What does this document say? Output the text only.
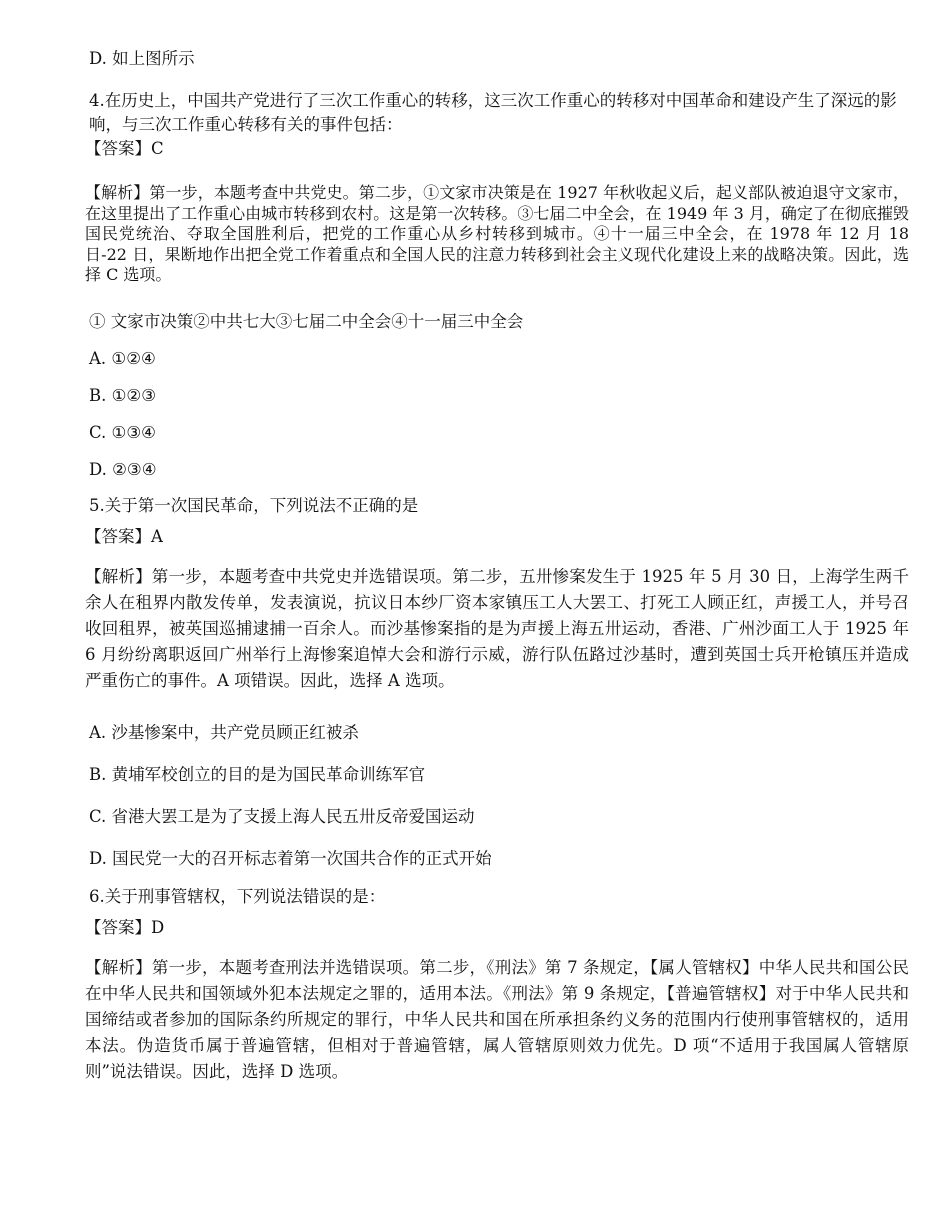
D. 如上图所示

4.在历史上，中国共产党进行了三次工作重心的转移，这三次工作重心的转移对中国革命和建设产生了深远的影响，与三次工作重心转移有关的事件包括：

【答案】C

【解析】第一步，本题考查中共党史。第二步，①文家市决策是在 1927 年秋收起义后，起义部队被迫退守文家市，在这里提出了工作重心由城市转移到农村。这是第一次转移。③七届二中全会，在 1949 年 3 月，确定了在彻底摧毁国民党统治、夺取全国胜利后，把党的工作重心从乡村转移到城市。④十一届三中全会，在 1978 年 12 月 18 日-22 日，果断地作出把全党工作着重点和全国人民的注意力转移到社会主义现代化建设上来的战略决策。因此，选择 C 选项。

① 文家市决策②中共七大③七届二中全会④十一届三中全会

A. ①②④

B. ①②③

C. ①③④

D. ②③④

5.关于第一次国民革命，下列说法不正确的是

【答案】A

【解析】第一步，本题考查中共党史并选错误项。第二步，五卅惨案发生于 1925 年 5 月 30 日，上海学生两千余人在租界内散发传单，发表演说，抗议日本纱厂资本家镇压工人大罢工、打死工人顾正红，声援工人，并号召收回租界，被英国巡捕逮捕一百余人。而沙基惨案指的是为声援上海五卅运动，香港、广州沙面工人于 1925 年 6 月纷纷离职返回广州举行上海惨案追悼大会和游行示威，游行队伍路过沙基时，遭到英国士兵开枪镇压并造成严重伤亡的事件。A 项错误。因此，选择 A 选项。

A. 沙基惨案中，共产党员顾正红被杀

B. 黄埔军校创立的目的是为国民革命训练军官

C. 省港大罢工是为了支援上海人民五卅反帝爱国运动

D. 国民党一大的召开标志着第一次国共合作的正式开始

6.关于刑事管辖权，下列说法错误的是：

【答案】D

【解析】第一步，本题考查刑法并选错误项。第二步，《刑法》第 7 条规定，【属人管辖权】中华人民共和国公民在中华人民共和国领域外犯本法规定之罪的，适用本法。《刑法》第 9 条规定，【普遍管辖权】对于中华人民共和国缔结或者参加的国际条约所规定的罪行，中华人民共和国在所承担条约义务的范围内行使刑事管辖权的，适用本法。伪造货币属于普遍管辖，但相对于普遍管辖，属人管辖原则效力优先。D 项“不适用于我国属人管辖原则”说法错误。因此，选择 D 选项。
